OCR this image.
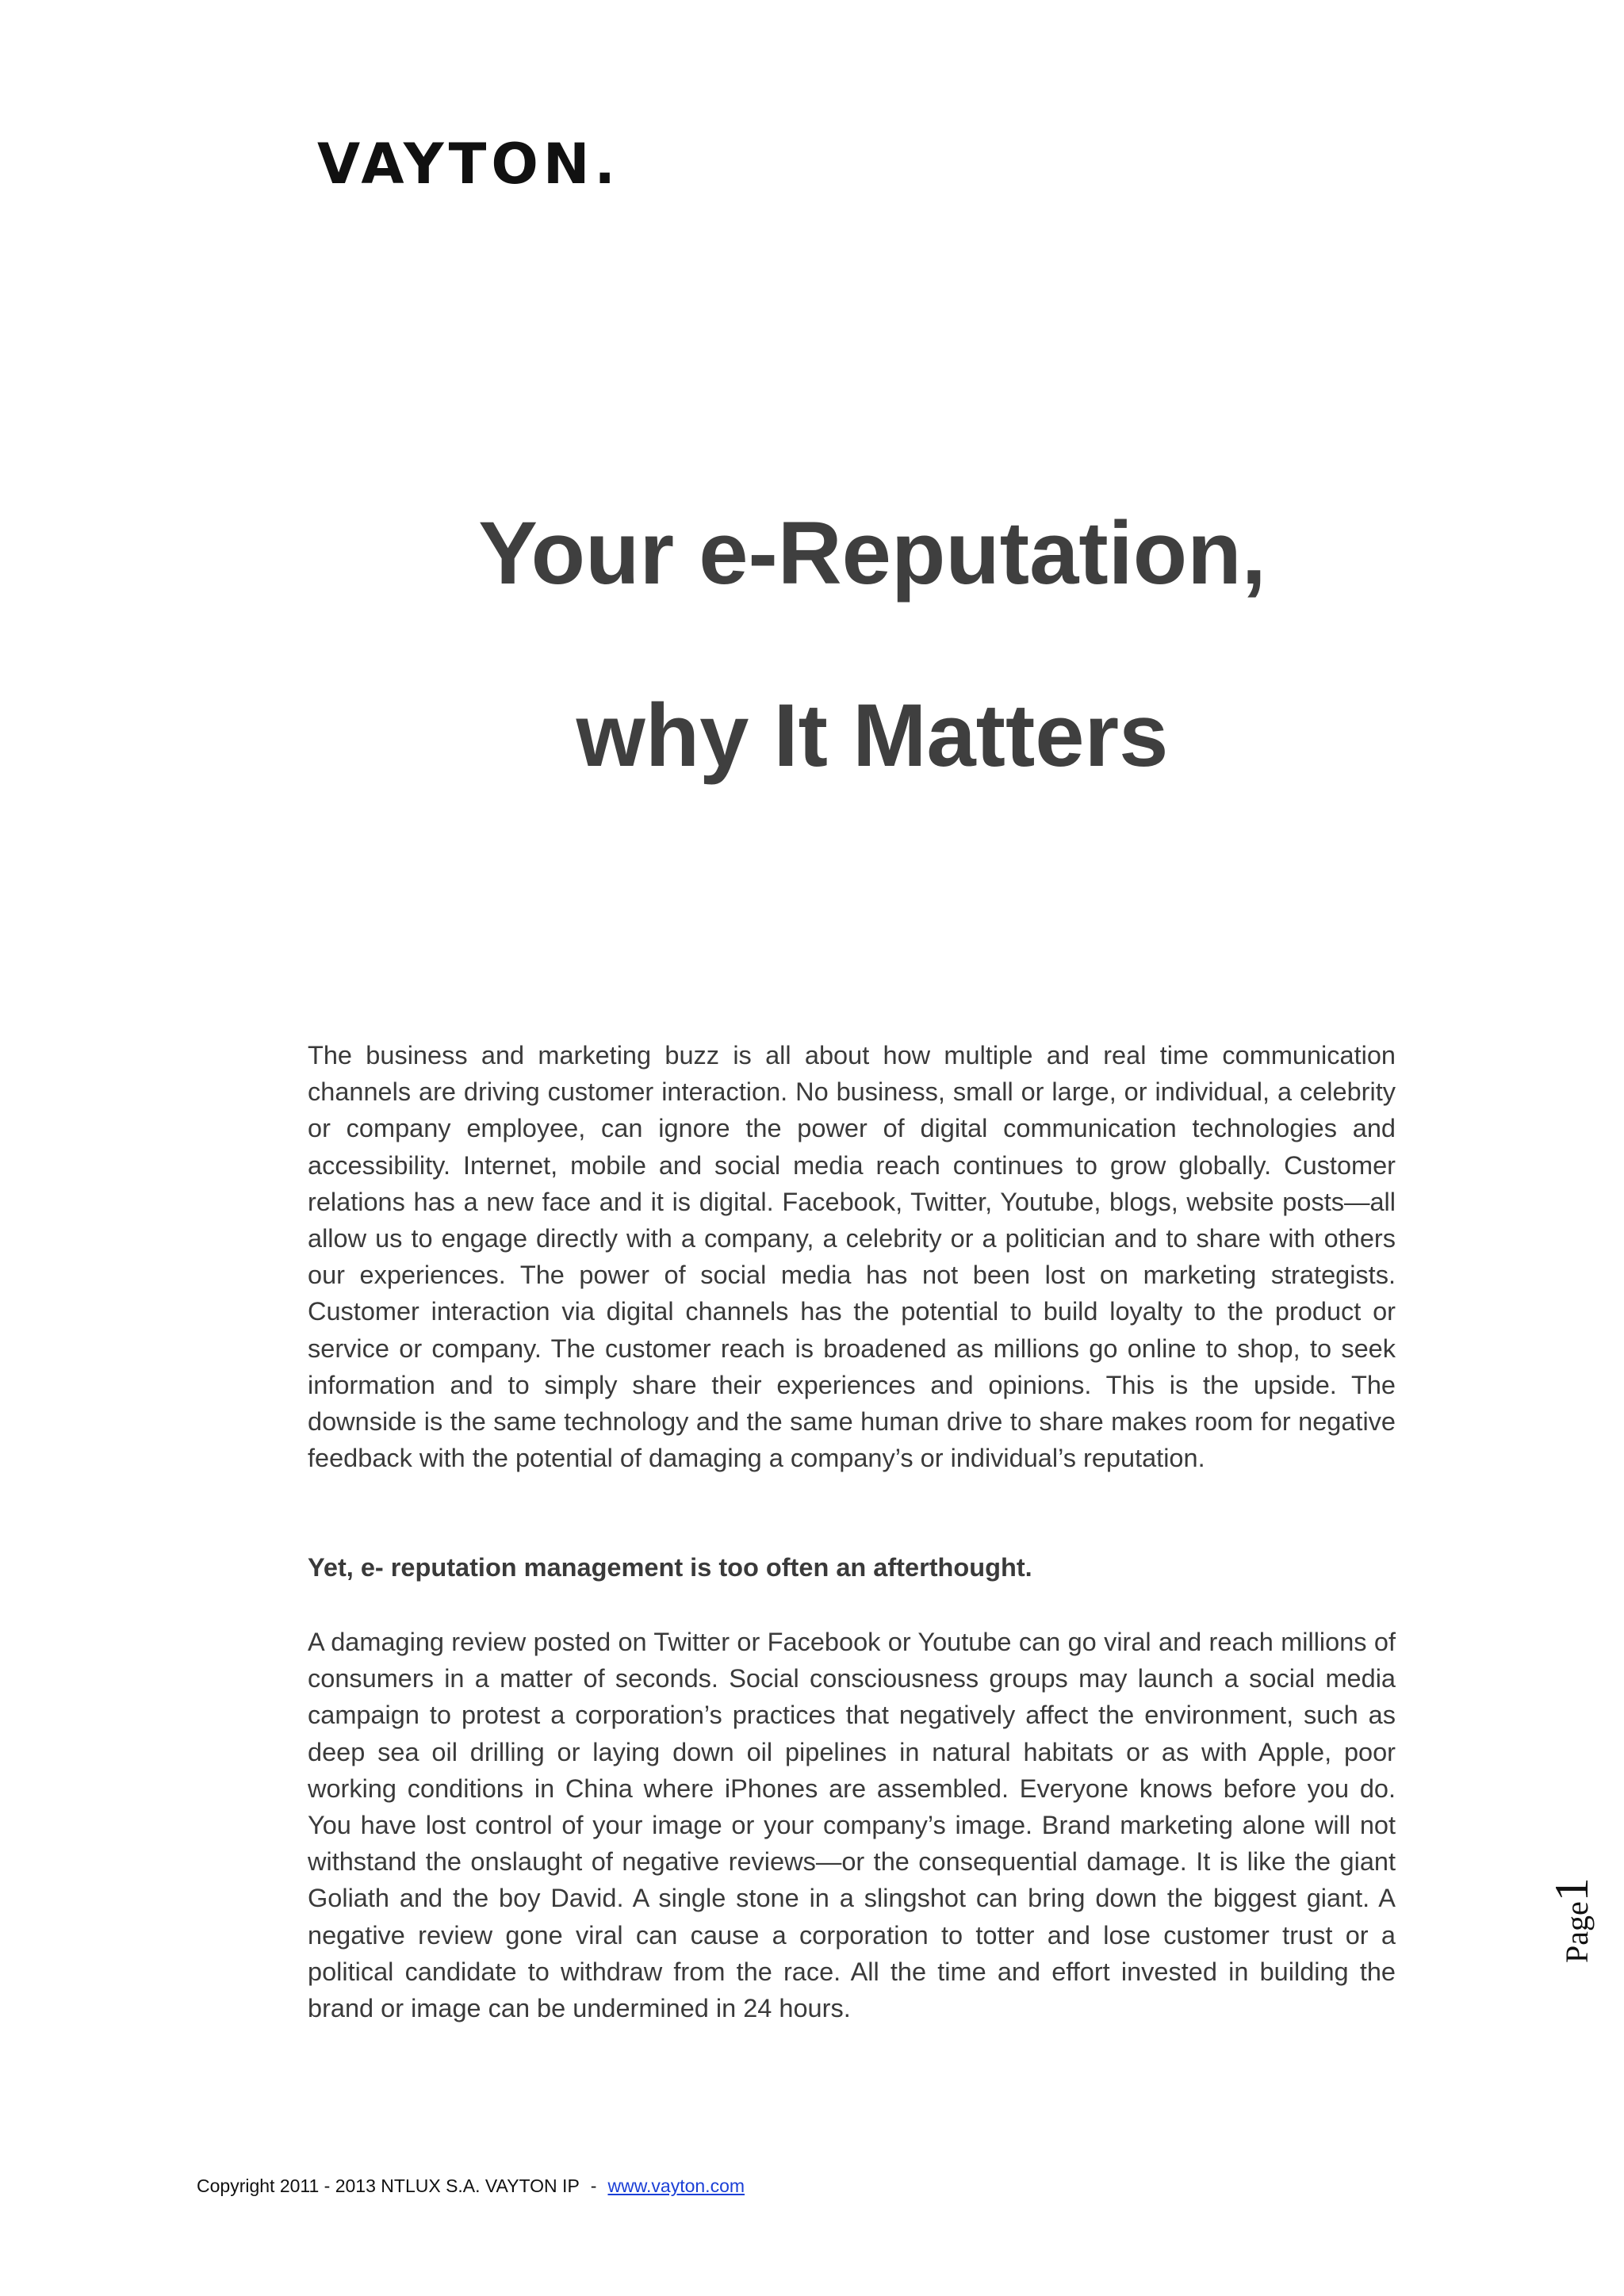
VAYTON.
Your e-Reputation,
why It Matters

The business and marketing buzz is all about how multiple and real time communication channels are driving customer interaction. No business, small or large, or individual, a celebrity or company employee, can ignore the power of digital communication technologies and accessibility. Internet, mobile and social media reach continues to grow globally. Customer relations has a new face and it is digital. Facebook, Twitter, Youtube, blogs, website posts—all allow us to engage directly with a company, a celebrity or a politician and to share with others our experiences. The power of social media has not been lost on marketing strategists. Customer interaction via digital channels has the potential to build loyalty to the product or service or company. The customer reach is broadened as millions go online to shop, to seek information and to simply share their experiences and opinions. This is the upside. The downside is the same technology and the same human drive to share makes room for negative feedback with the potential of damaging a company’s or individual’s reputation.

Yet, e- reputation management is too often an afterthought.

A damaging review posted on Twitter or Facebook or Youtube can go viral and reach millions of consumers in a matter of seconds. Social consciousness groups may launch a social media campaign to protest a corporation’s practices that negatively affect the environment, such as deep sea oil drilling or laying down oil pipelines in natural habitats or as with Apple, poor working conditions in China where iPhones are assembled. Everyone knows before you do. You have lost control of your image or your company’s image. Brand marketing alone will not withstand the onslaught of negative reviews—or the consequential damage. It is like the giant Goliath and the boy David. A single stone in a slingshot can bring down the biggest giant. A negative review gone viral can cause a corporation to totter and lose customer trust or a political candidate to withdraw from the race. All the time and effort invested in building the brand or image can be undermined in 24 hours.

Page1
Copyright 2011 - 2013 NTLUX S.A. VAYTON IP - www.vayton.com
